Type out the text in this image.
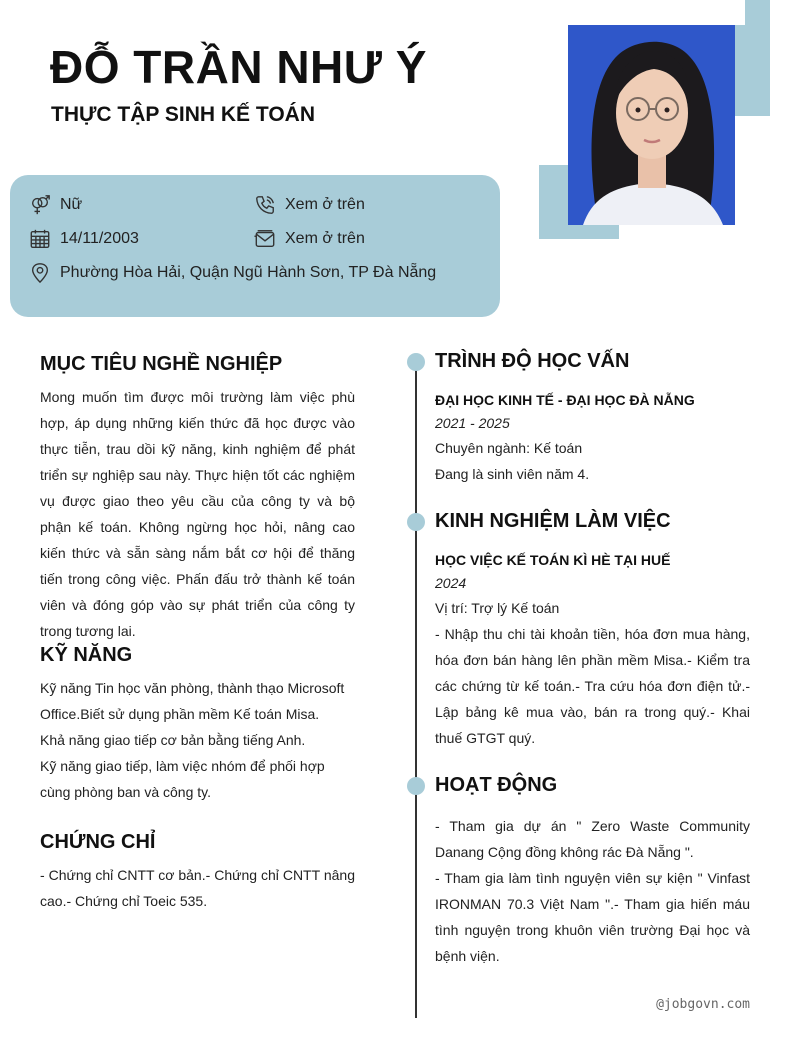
ĐỖ TRẦN NHƯ Ý
THỰC TẬP SINH KẾ TOÁN
Nữ	Xem ở trên
14/11/2003	Xem ở trên
Phường Hòa Hải, Quận Ngũ Hành Sơn, TP Đà Nẵng
MỤC TIÊU NGHỀ NGHIỆP
Mong muốn tìm được môi trường làm việc phù hợp, áp dụng những kiến thức đã học được vào thực tiễn, trau dồi kỹ năng, kinh nghiệm để phát triển sự nghiệp sau này. Thực hiện tốt các nghiệm vụ được giao theo yêu cầu của công ty và bộ phận kế toán. Không ngừng học hỏi, nâng cao kiến thức và sẵn sàng nắm bắt cơ hội để thăng tiến trong công việc. Phấn đấu trở thành kế toán viên và đóng góp vào sự phát triển của công ty trong tương lai.
KỸ NĂNG
Kỹ năng Tin học văn phòng, thành thạo Microsoft
Office.Biết sử dụng phần mềm Kế toán Misa.
Khả năng giao tiếp cơ bản bằng tiếng Anh.
Kỹ năng giao tiếp, làm việc nhóm để phối hợp
cùng phòng ban và công ty.
CHỨNG CHỈ
- Chứng chỉ CNTT cơ bản.- Chứng chỉ CNTT nâng cao.- Chứng chỉ Toeic 535.
TRÌNH ĐỘ HỌC VẤN
ĐẠI HỌC KINH TẾ - ĐẠI HỌC ĐÀ NẴNG
2021 - 2025
Chuyên ngành: Kế toán
Đang là sinh viên năm 4.
KINH NGHIỆM LÀM VIỆC
HỌC VIỆC KẾ TOÁN KÌ HÈ TẠI HUẾ
2024
Vị trí: Trợ lý Kế toán
- Nhập thu chi tài khoản tiền, hóa đơn mua hàng, hóa đơn bán hàng lên phần mềm Misa.- Kiểm tra các chứng từ kế toán.- Tra cứu hóa đơn điện tử.- Lập bảng kê mua vào, bán ra trong quý.- Khai thuế GTGT quý.
HOẠT ĐỘNG
- Tham gia dự án " Zero Waste Community Danang Cộng đồng không rác Đà Nẵng ".
- Tham gia làm tình nguyện viên sự kiện " Vinfast IRONMAN 70.3 Việt Nam ".- Tham gia hiến máu tình nguyện trong khuôn viên trường Đại học và bệnh viện.
@jobgovn.com
